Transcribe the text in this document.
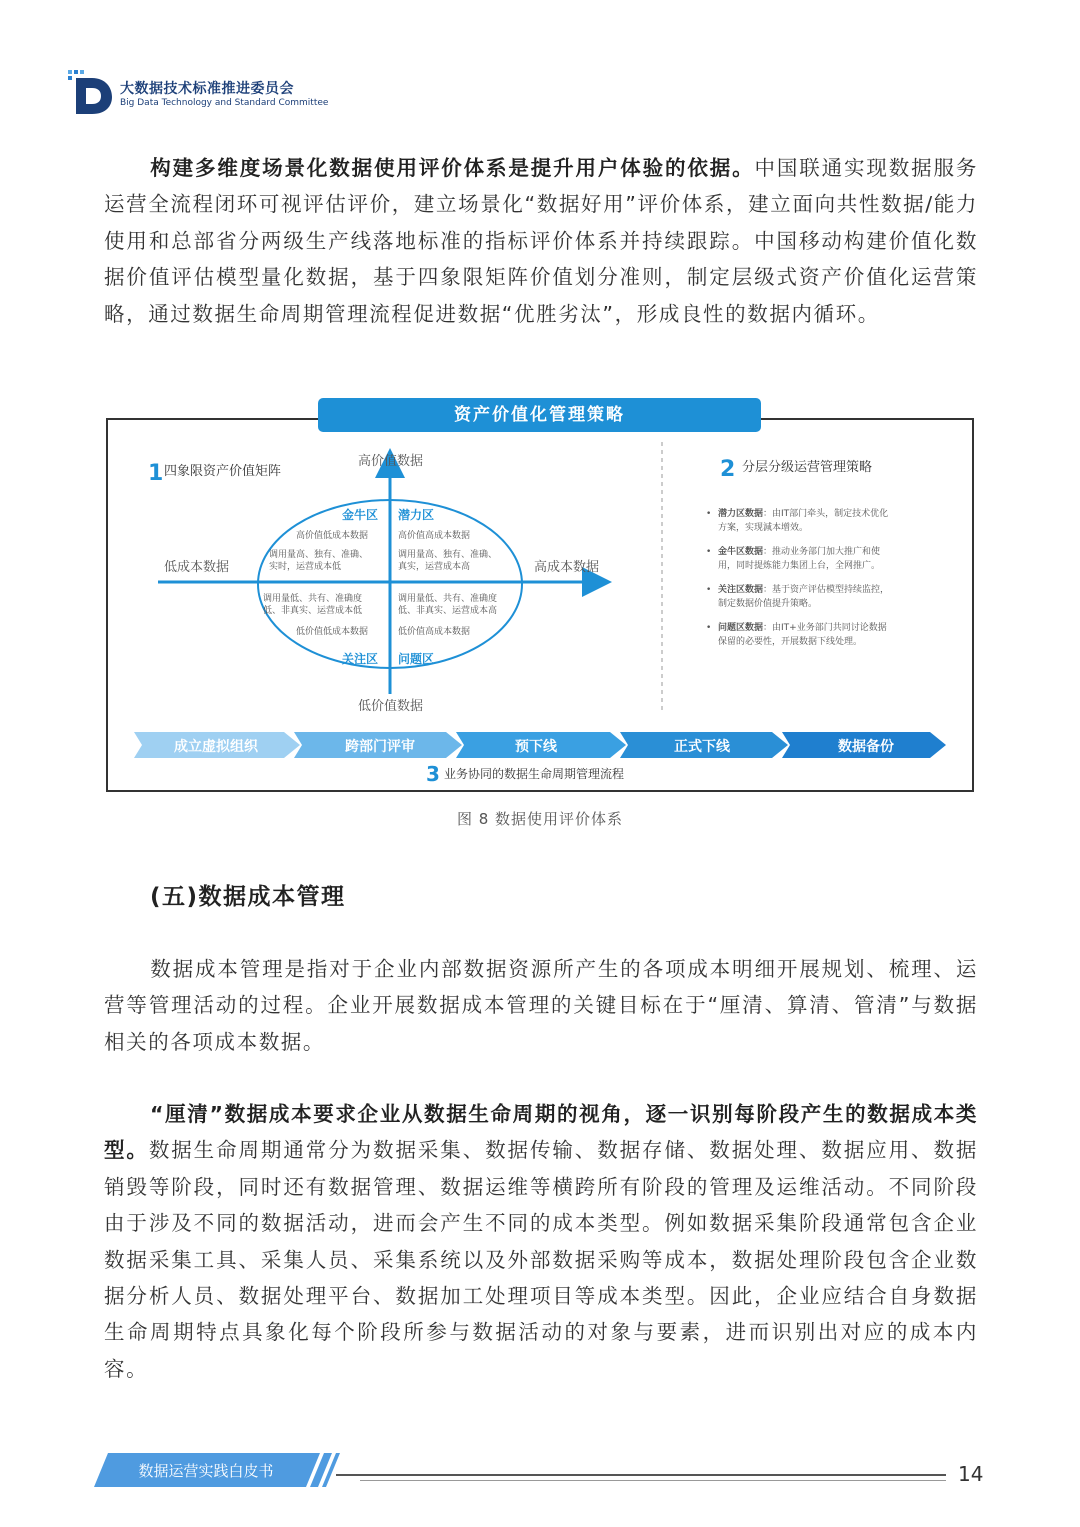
大数据技术标准推进委员会
Big Data Technology and Standard Committee
构建多维度场景化数据使用评价体系是提升用户体验的依据。中国联通实现数据服务运营全流程闭环可视评估评价，建立场景化“数据好用”评价体系，建立面向共性数据/能力使用和总部省分两级生产线落地标准的指标评价体系并持续跟踪。中国移动构建价值化数据价值评估模型量化数据，基于四象限矩阵价值划分准则，制定层级式资产价值化运营策略，通过数据生命周期管理流程促进数据“优胜劣汰”，形成良性的数据内循环。
1 四象限资产价值矩阵
高价值数据
低价值数据
低成本数据	高成本数据
金牛区
高价值低成本数据
调用量高、独有、准确、
实时，运营成本低
潜力区
高价值高成本数据
调用量高、独有、准确、
真实，运营成本高
调用量低、共有、准确度
低、非真实、运营成本低
低价值低成本数据
关注区
调用量低、共有、准确度
低、非真实、运营成本高
低价值高成本数据
问题区
2 分层分级运营管理策略
• 潜力区数据：由IT部门牵头，制定技术优化
方案，实现減本增效。
• 金牛区数据：推动业务部门加大推广和使
用，同时提炼能力集团上台，全网推广。
• 关注区数据：基于资产评估模型持续监控，
制定数据价值提升策略。
• 问题区数据：由IT+业务部门共同讨论数据
保留的必要性，开展数据下线处理。
成立虚拟组织	跨部门评审	预下线	正式下线	数据备份
3 业务协同的数据生命周期管理流程
资产价值化管理策略
图 8 数据使用评价体系
(五)数据成本管理
数据成本管理是指对于企业内部数据资源所产生的各项成本明细开展规划、梳理、运营等管理活动的过程。企业开展数据成本管理的关键目标在于“厘清、算清、管清”与数据相关的各项成本数据。
“厘清”数据成本要求企业从数据生命周期的视角，逐一识别每阶段产生的数据成本类型。数据生命周期通常分为数据采集、数据传输、数据存储、数据处理、数据应用、数据销毁等阶段，同时还有数据管理、数据运维等横跨所有阶段的管理及运维活动。不同阶段由于涉及不同的数据活动，进而会产生不同的成本类型。例如数据采集阶段通常包含企业数据采集工具、采集人员、采集系统以及外部数据采购等成本，数据处理阶段包含企业数据分析人员、数据处理平台、数据加工处理项目等成本类型。因此，企业应结合自身数据生命周期特点具象化每个阶段所参与数据活动的对象与要素，进而识别出对应的成本内容。
数据运营实践白皮书	14
